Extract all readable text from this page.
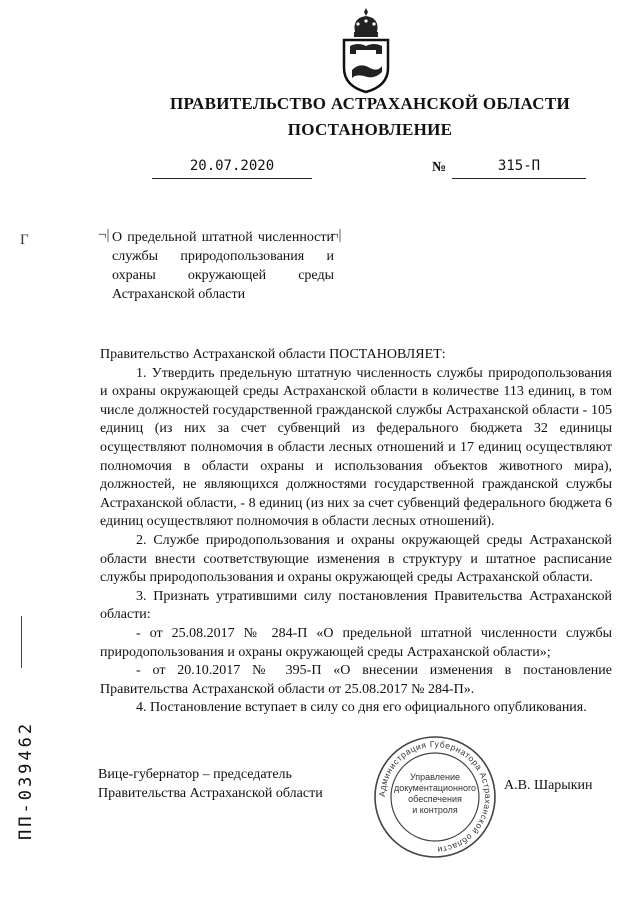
ПРАВИТЕЛЬСТВО АСТРАХАНСКОЙ ОБЛАСТИ
ПОСТАНОВЛЕНИЕ
20.07.2020	№	315-П
Г	¬|	¬|
О предельной штатной численности службы природопользования и охраны окружающей среды Астраханской области

Правительство Астраханской области ПОСТАНОВЛЯЕТ:

1. Утвердить предельную штатную численность службы природопользования и охраны окружающей среды Астраханской области в количестве 113 единиц, в том числе должностей государственной гражданской службы Астраханской области - 105 единиц (из них за счет субвенций из федерального бюджета 32 единицы осуществляют полномочия в области лесных отношений и 17 единиц осуществляют полномочия в области охраны и использования объектов животного мира), должностей, не являющихся должностями государственной гражданской службы Астраханской области, - 8 единиц (из них за счет субвенций федерального бюджета 6 единиц осуществляют полномочия в области лесных отношений).

2. Службе природопользования и охраны окружающей среды Астраханской области внести соответствующие изменения в структуру и штатное расписание службы природопользования и охраны окружающей среды Астраханской области.

3. Признать утратившими силу постановления Правительства Астраханской области:

- от 25.08.2017 № 284-П «О предельной штатной численности службы природопользования и охраны окружающей среды Астраханской области»;

- от 20.10.2017 № 395-П «О внесении изменения в постановление Правительства Астраханской области от 25.08.2017 № 284-П».

4. Постановление вступает в силу со дня его официального опубликования.

Вице-губернатор – председатель
Правительства Астраханской области	Администрация Губернатора Астраханской области
Управление
документационного
обеспечения
и контроля
А.В. Шарыкин
ПП-039462
